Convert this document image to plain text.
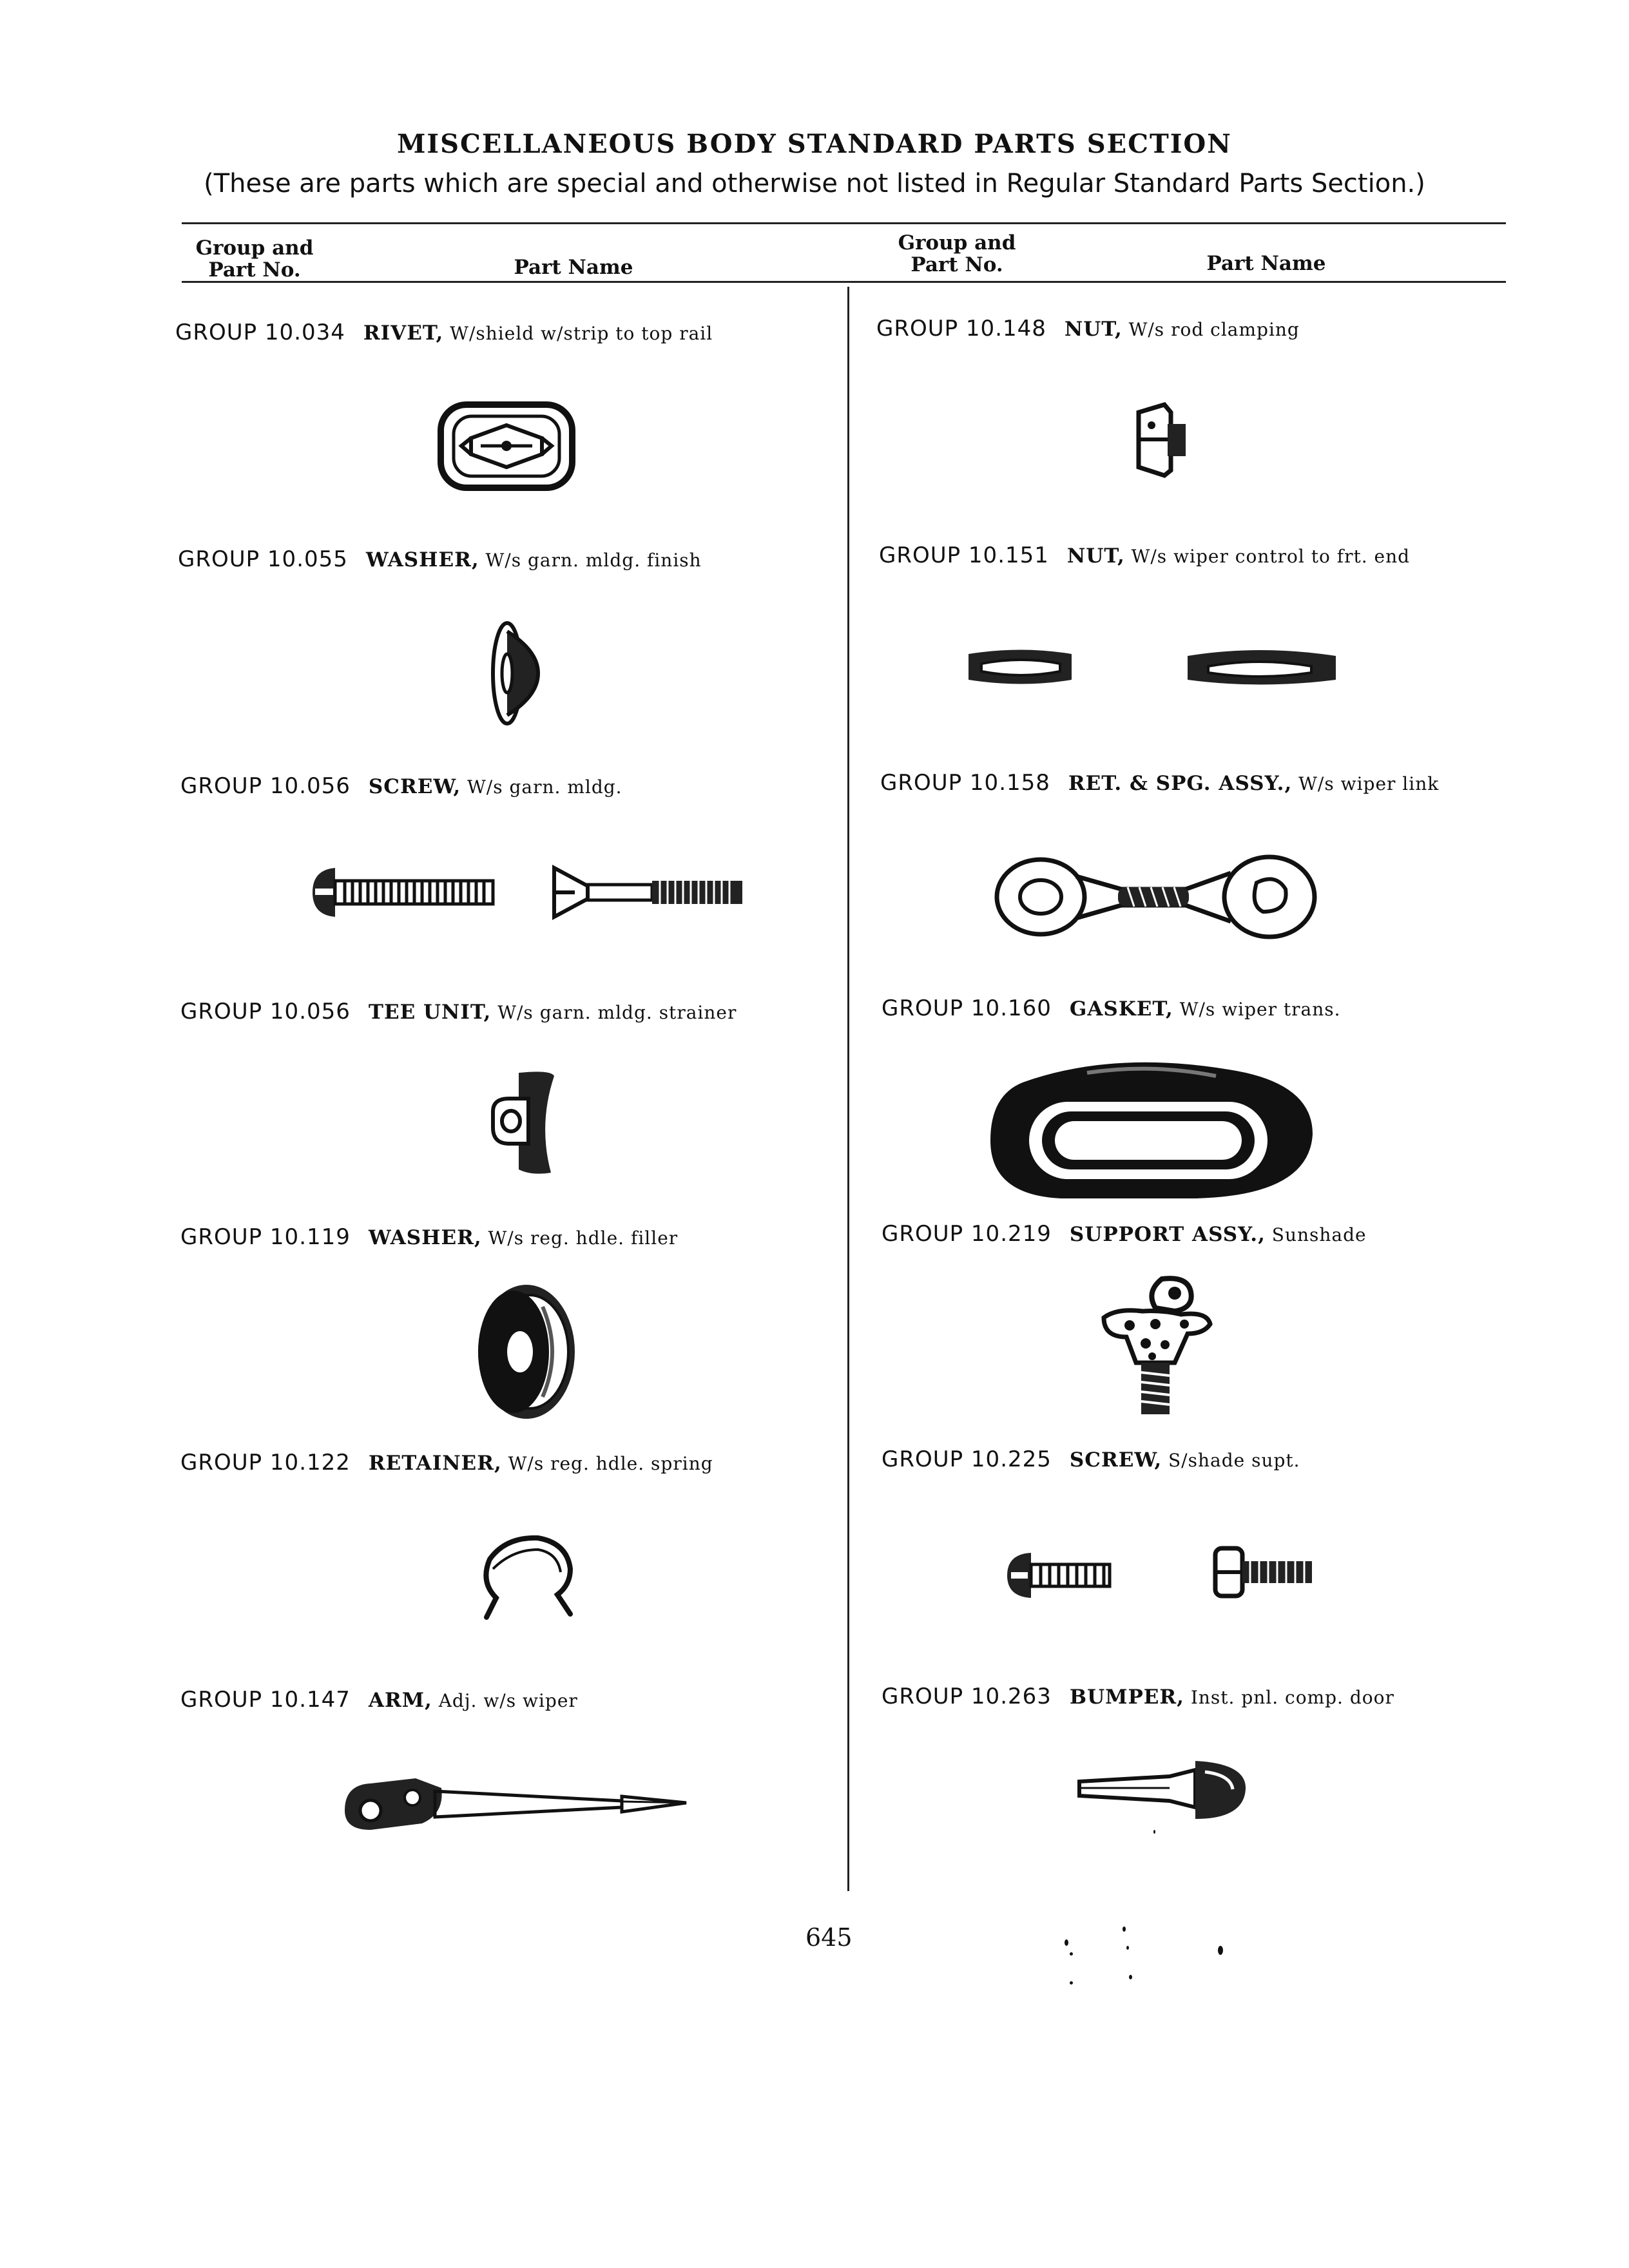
MISCELLANEOUS BODY STANDARD PARTS SECTION
(These are parts which are special and otherwise not listed in Regular Standard Parts Section.)
Group and
Part No.	Part Name
Group and
Part No.	Part Name
GROUP 10.034 RIVET, W/shield w/strip to top rail
GROUP 10.055 WASHER, W/s garn. mldg. finish
GROUP 10.056 SCREW, W/s garn. mldg.
GROUP 10.056 TEE UNIT, W/s garn. mldg. strainer
GROUP 10.119 WASHER, W/s reg. hdle. filler
GROUP 10.122 RETAINER, W/s reg. hdle. spring
GROUP 10.147 ARM, Adj. w/s wiper
GROUP 10.148 NUT, W/s rod clamping
GROUP 10.151 NUT, W/s wiper control to frt. end
GROUP 10.158 RET. & SPG. ASSY., W/s wiper link
GROUP 10.160 GASKET, W/s wiper trans.
GROUP 10.219 SUPPORT ASSY., Sunshade
GROUP 10.225 SCREW, S/shade supt.
GROUP 10.263 BUMPER, Inst. pnl. comp. door
645
